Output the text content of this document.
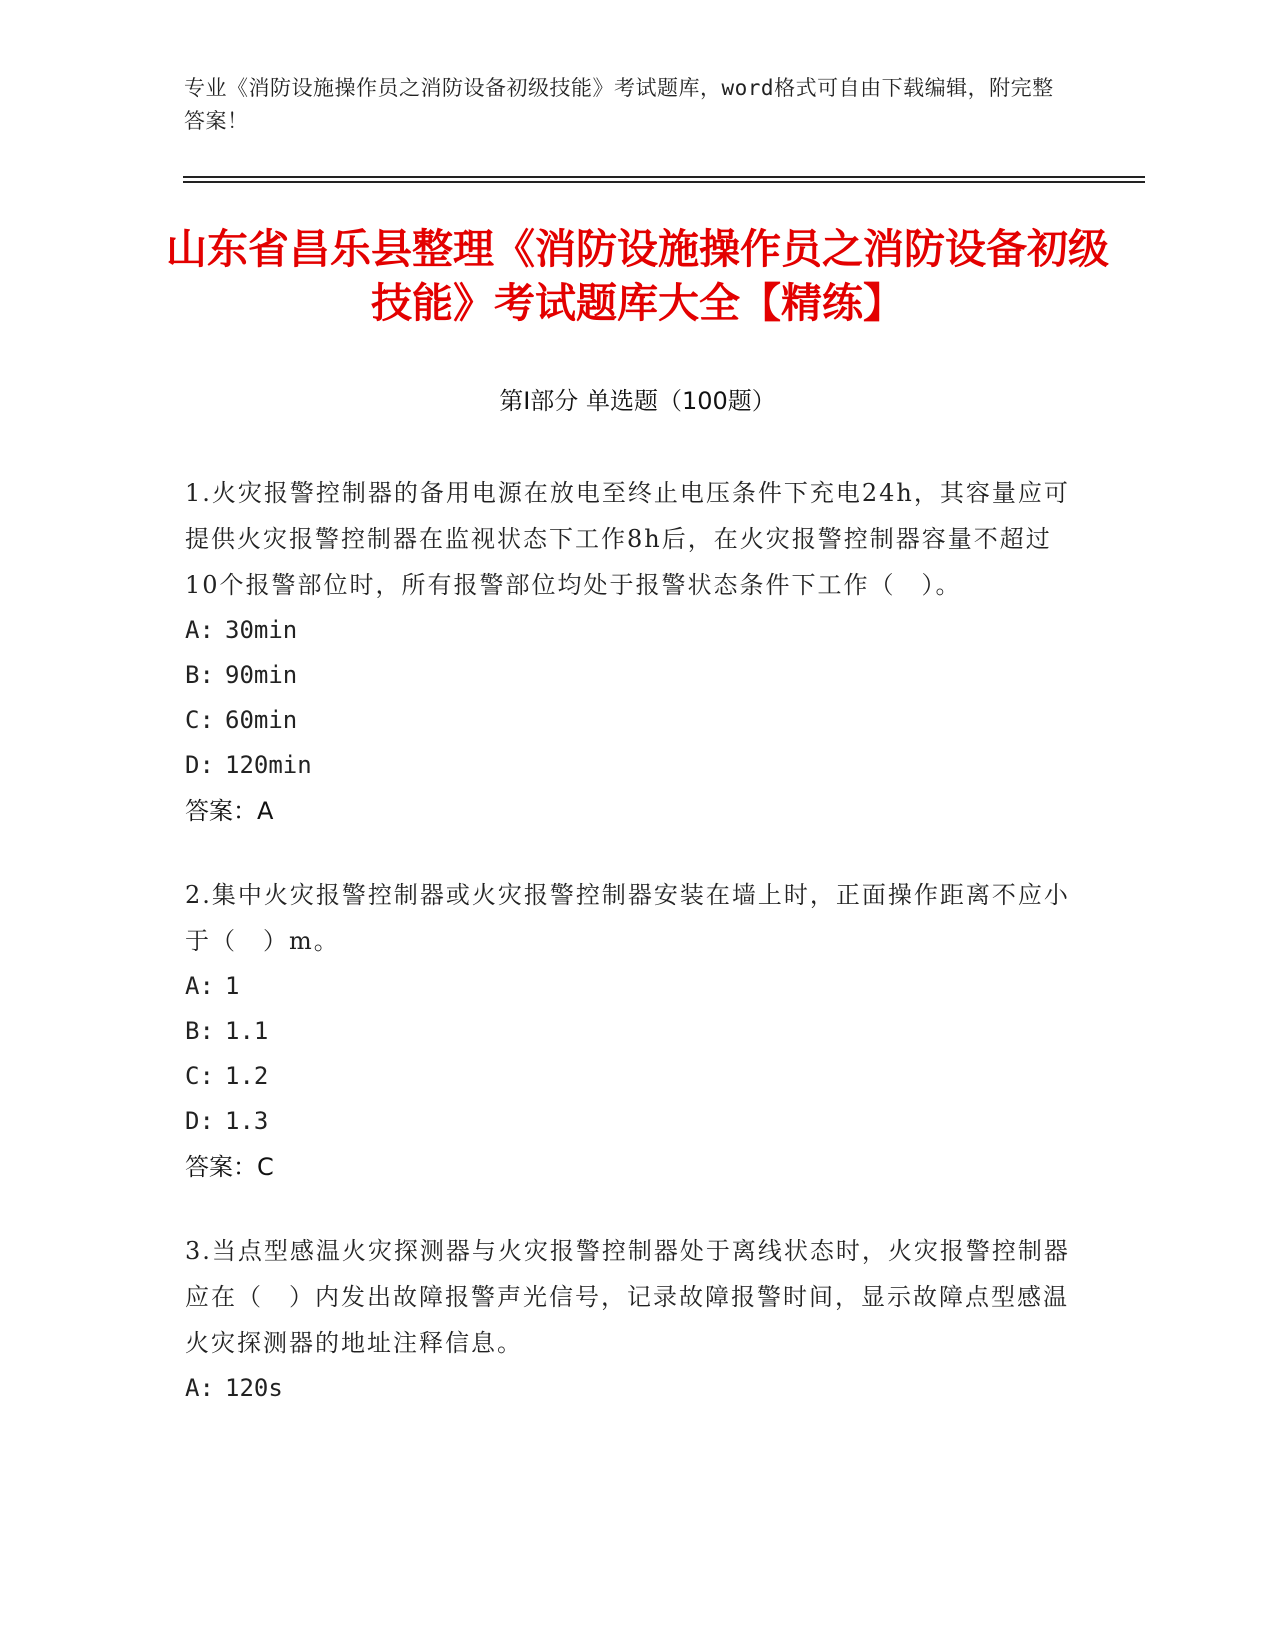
专业《消防设施操作员之消防设备初级技能》考试题库，word格式可自由下载编辑，附完整答案！
山东省昌乐县整理《消防设施操作员之消防设备初级技能》考试题库大全【精练】
第Ⅰ部分 单选题（100题）

1.火灾报警控制器的备用电源在放电至终止电压条件下充电24h，其容量应可提供火灾报警控制器在监视状态下工作8h后，在火灾报警控制器容量不超过10个报警部位时，所有报警部位均处于报警状态条件下工作（　）。

A: 30min

B: 90min

C: 60min

D: 120min

答案：A

2.集中火灾报警控制器或火灾报警控制器安装在墙上时，正面操作距离不应小于（　）m。

A: 1

B: 1.1

C: 1.2

D: 1.3

答案：C

3.当点型感温火灾探测器与火灾报警控制器处于离线状态时，火灾报警控制器应在（　）内发出故障报警声光信号，记录故障报警时间，显示故障点型感温火灾探测器的地址注释信息。

A: 120s
